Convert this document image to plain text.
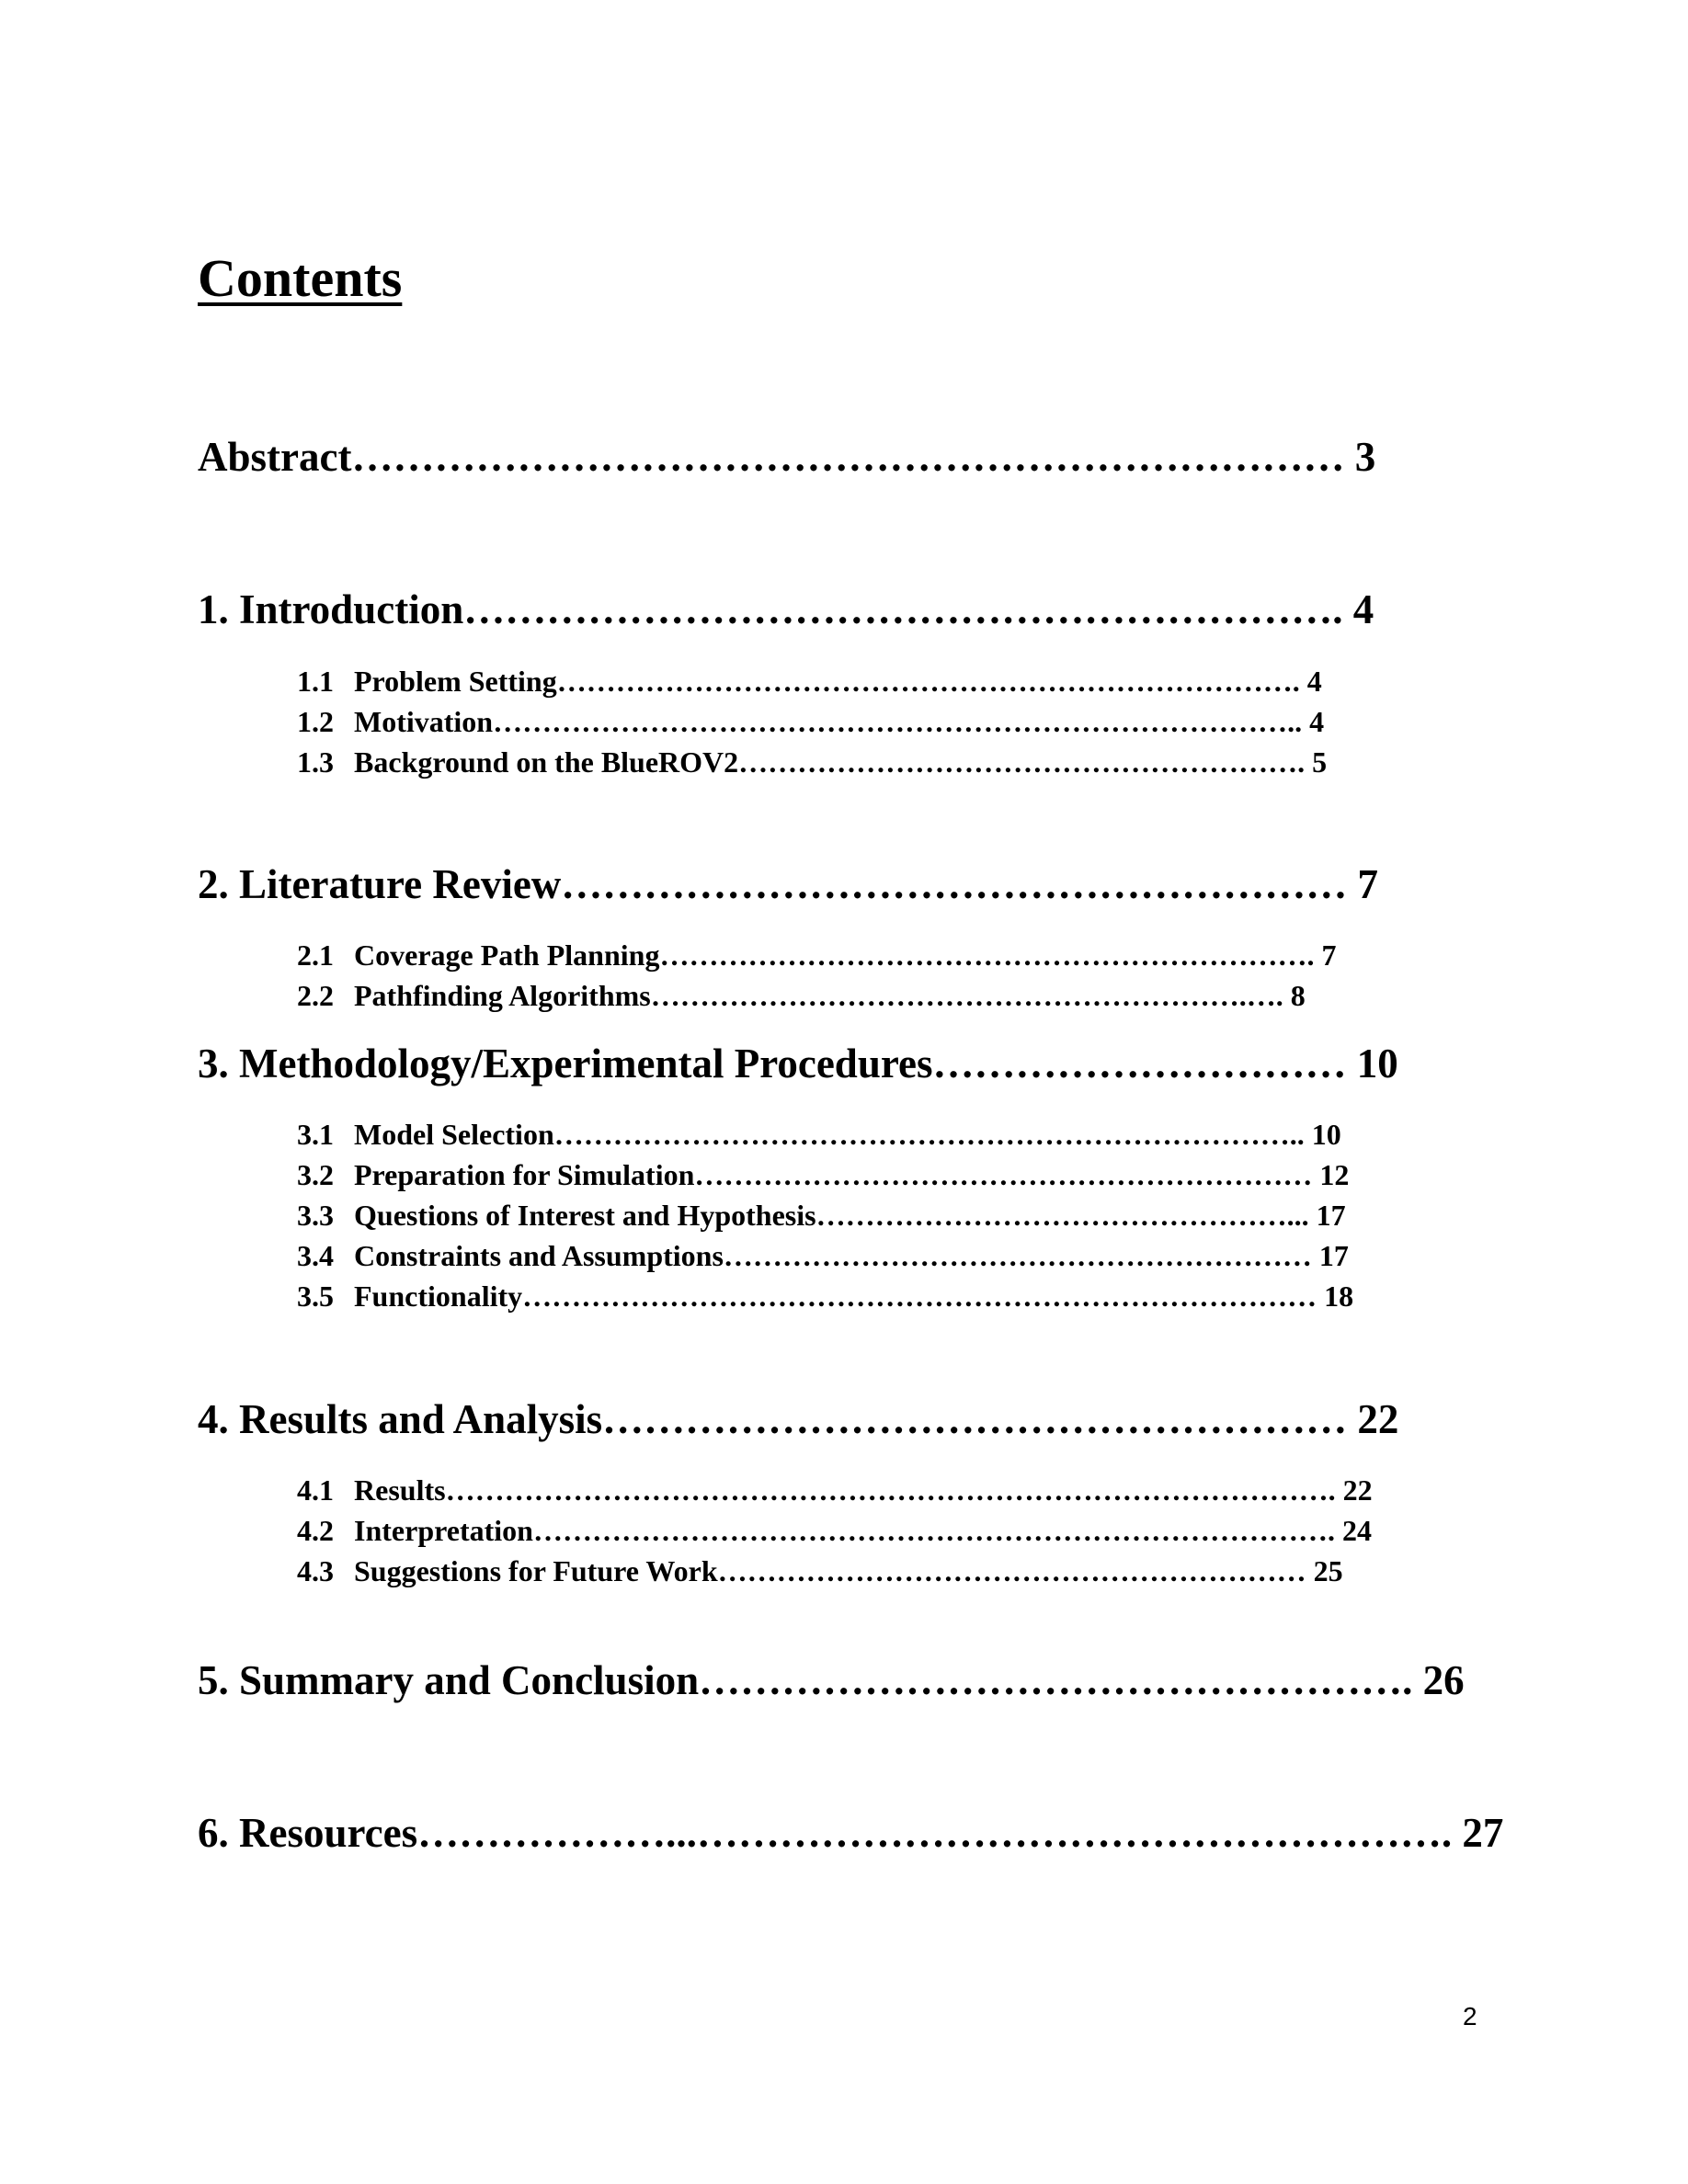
Contents
Abstract……………………………………………………………… 3
1. Introduction………………………………………………………. 4
1.1 Problem Setting…………………………………………………………………. 4
1.2 Motivation……………………………………………………………………….. 4
1.3 Background on the BlueROV2…………………………………………………. 5
2. Literature Review………………………………………………… 7
2.1 Coverage Path Planning…………………………………………………………. 7
2.2 Pathfinding Algorithms…………………………………………………….…. 8
3. Methodology/Experimental Procedures………………………… 10
3.1 Model Selection………………………………………………………………….. 10
3.2 Preparation for Simulation……………………………………………………… 12
3.3 Questions of Interest and Hypothesis…………………………………………... 17
3.4 Constraints and Assumptions…………………………………………………… 17
3.5 Functionality……………………………………………………………………… 18
4. Results and Analysis……………………………………………… 22
4.1 Results………………………………………………………………………………. 22
4.2 Interpretation………………………………………………………………………. 24
4.3 Suggestions for Future Work…………………………………………………… 25
5. Summary and Conclusion……………………………………………. 26
6. Resources………………...………………………………………………. 27
2
